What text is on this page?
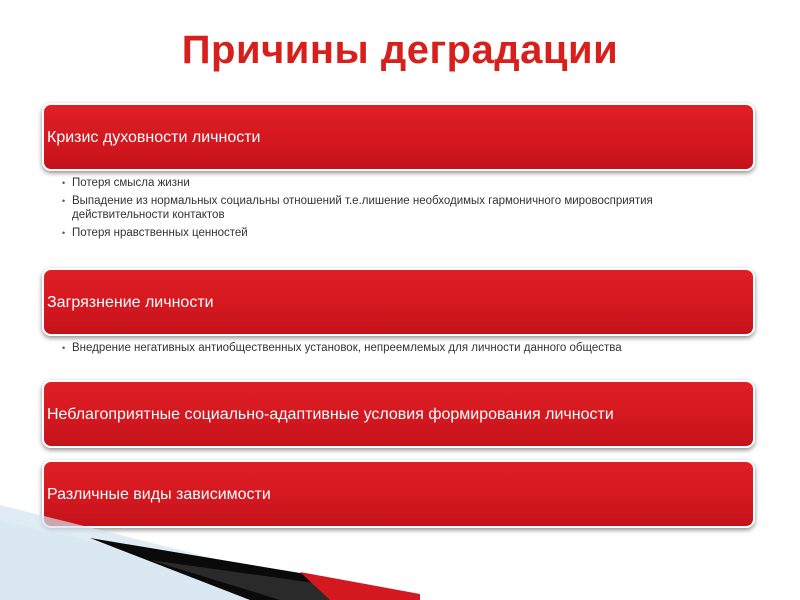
Причины деградации
Кризис духовности личности
• Потеря смысла жизни
• Выпадение из нормальных социальны отношений т.е.лишение необходимых гармоничного мировосприятия действительности контактов
• Потеря нравственных ценностей
Загрязнение личности
• Внедрение негативных антиобщественных установок, непреемлемых для личности данного общества
Неблагоприятные социально-адаптивные условия формирования личности
Различные виды зависимости
